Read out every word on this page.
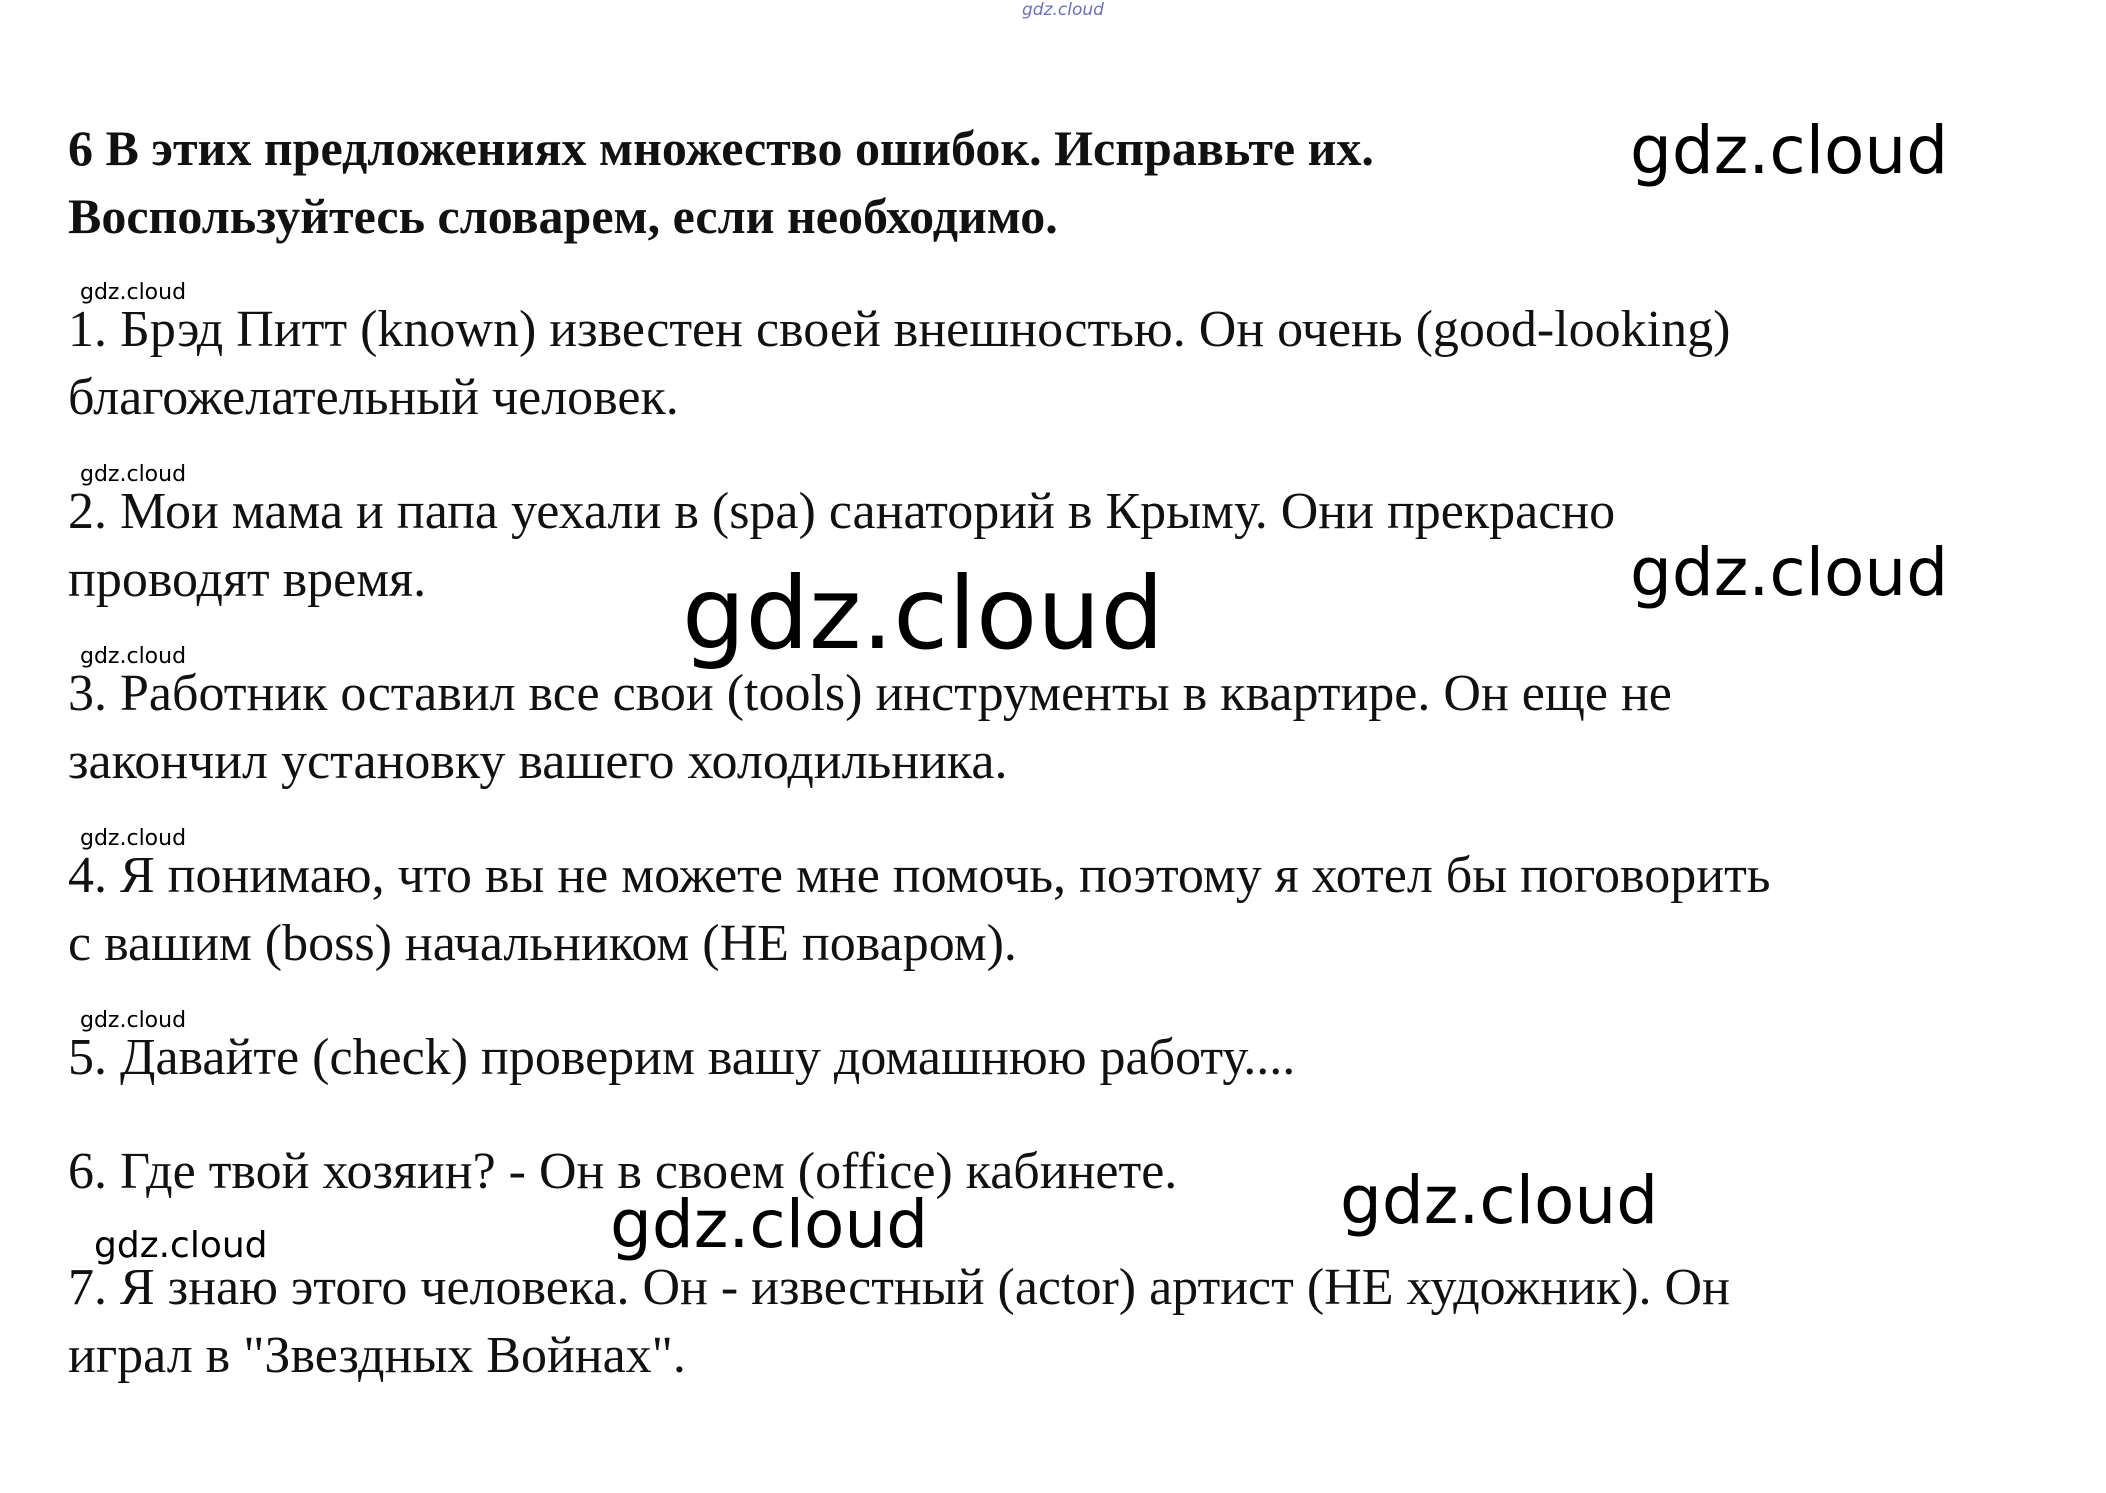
gdz.cloud
6 В этих предложениях множество ошибок. Исправьте их.
Воспользуйтесь словарем, если необходимо.
gdz.cloud
gdz.cloud
1. Брэд Питт (known) известен своей внешностью. Он очень (good-looking)
благожелательный человек.
gdz.cloud
2. Мои мама и папа уехали в (spa) санаторий в Крыму. Они прекрасно
проводят время.	gdz.cloud
gdz.cloud
gdz.cloud
3. Работник оставил все свои (tools) инструменты в квартире. Он еще не
закончил установку вашего холодильника.
gdz.cloud
4. Я понимаю, что вы не можете мне помочь, поэтому я хотел бы поговорить
с вашим (boss) начальником (НЕ поваром).
gdz.cloud
5. Давайте (check) проверим вашу домашнюю работу....
6. Где твой хозяин? - Он в своем (office) кабинете.	gdz.cloud
gdz.cloud
gdz.cloud
7. Я знаю этого человека. Он - известный (actor) артист (НЕ художник). Он
играл в "Звездных Войнах".
